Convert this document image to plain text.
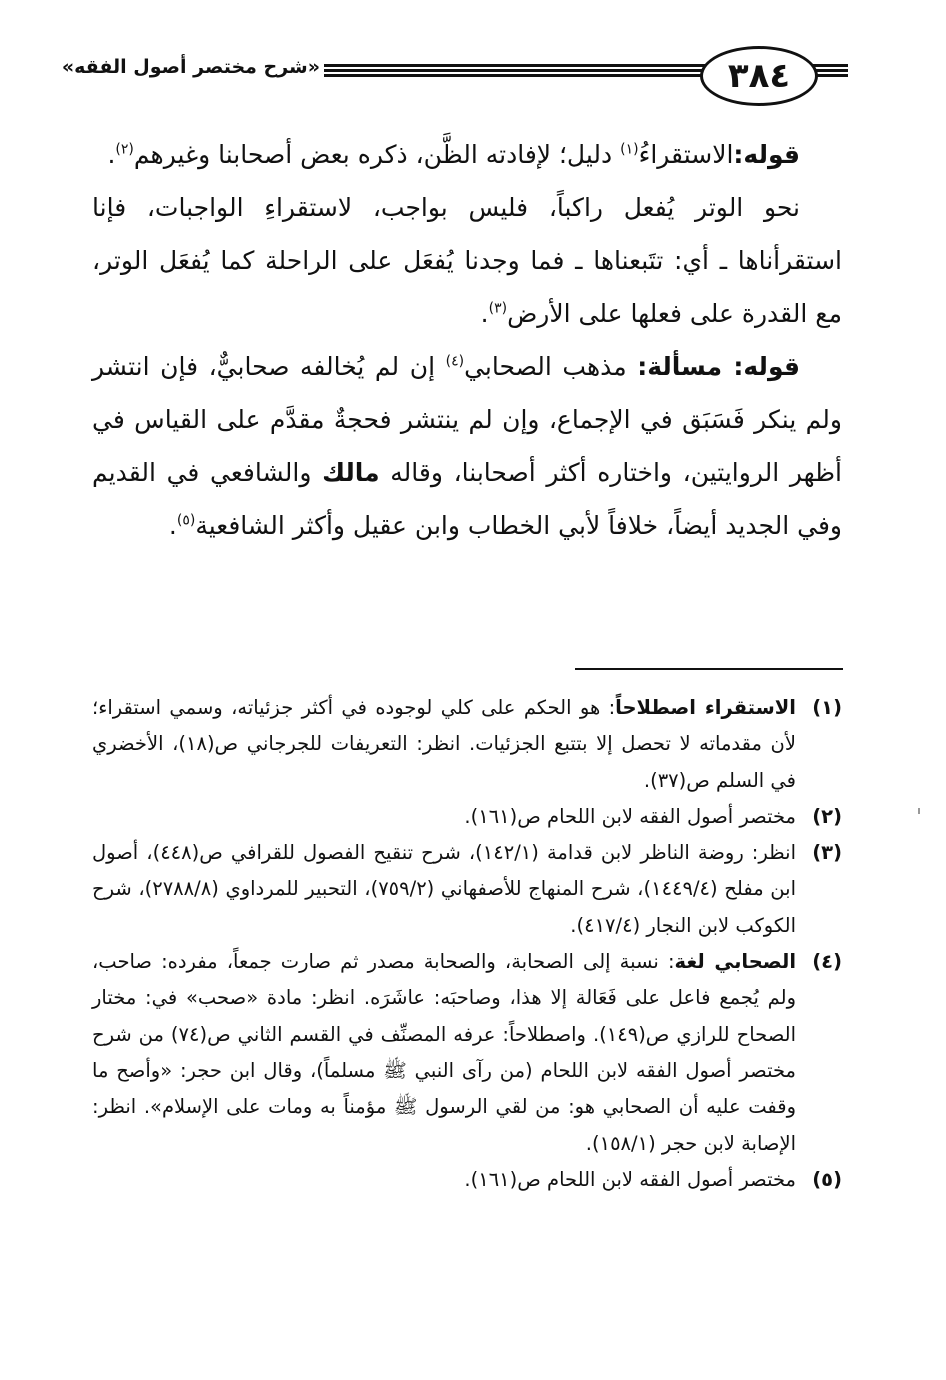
٣٨٤
«شرح مختصر أصول الفقه»

قوله:الاستقراءُ$^{(١)}$ دليل؛ لإفادته الظَّن، ذكره بعض أصحابنا وغيرهم$^{(٢)}$.

نحو الوتر يُفعل راكباً، فليس بواجب، لاستقراءِ الواجبات، فإنا استقرأناها ـ أي: تتَبعناها ـ فما وجدنا يُفعَل على الراحلة كما يُفعَل الوتر، مع القدرة على فعلها على الأرض$^{(٣)}$.

قوله: مسألة: مذهب الصحابي$^{(٤)}$ إن لم يُخالفه صحابيٌّ، فإن انتشر ولم ينكر فَسَبَق في الإجماع، وإن لم ينتشر فحجةٌ مقدَّم على القياس في أظهر الروايتين، واختاره أكثر أصحابنا، وقاله مالك والشافعي في القديم وفي الجديد أيضاً، خلافاً لأبي الخطاب وابن عقيل وأكثر الشافعية$^{(٥)}$.

(١)
الاستقراء اصطلاحاً: هو الحكم على كلي لوجوده في أكثر جزئياته، وسمي استقراء؛ لأن مقدماته لا تحصل إلا بتتبع الجزئيات. انظر: التعريفات للجرجاني ص(١٨)، الأخضري في السلم ص(٣٧).
(٢)
مختصر أصول الفقه لابن اللحام ص(١٦١).
(٣)
انظر: روضة الناظر لابن قدامة (١٤٢/١)، شرح تنقيح الفصول للقرافي ص(٤٤٨)، أصول ابن مفلح (١٤٤٩/٤)، شرح المنهاج للأصفهاني (٧٥٩/٢)، التحبير للمرداوي (٢٧٨٨/٨)، شرح الكوكب لابن النجار (٤١٧/٤).
(٤)
الصحابي لغة: نسبة إلى الصحابة، والصحابة مصدر ثم صارت جمعاً، مفرده: صاحب، ولم يُجمع فاعل على فَعَالة إلا هذا، وصاحبَه: عاشَرَه. انظر: مادة «صحب» في: مختار الصحاح للرازي ص(١٤٩). واصطلاحاً: عرفه المصنِّف في القسم الثاني ص(٧٤) من شرح مختصر أصول الفقه لابن اللحام (من رآى النبي ﷺ مسلماً)، وقال ابن حجر: «وأصح ما وقفت عليه أن الصحابي هو: من لقي الرسول ﷺ مؤمناً به ومات على الإسلام». انظر: الإصابة لابن حجر (١٥٨/١).
(٥)
مختصر أصول الفقه لابن اللحام ص(١٦١).
